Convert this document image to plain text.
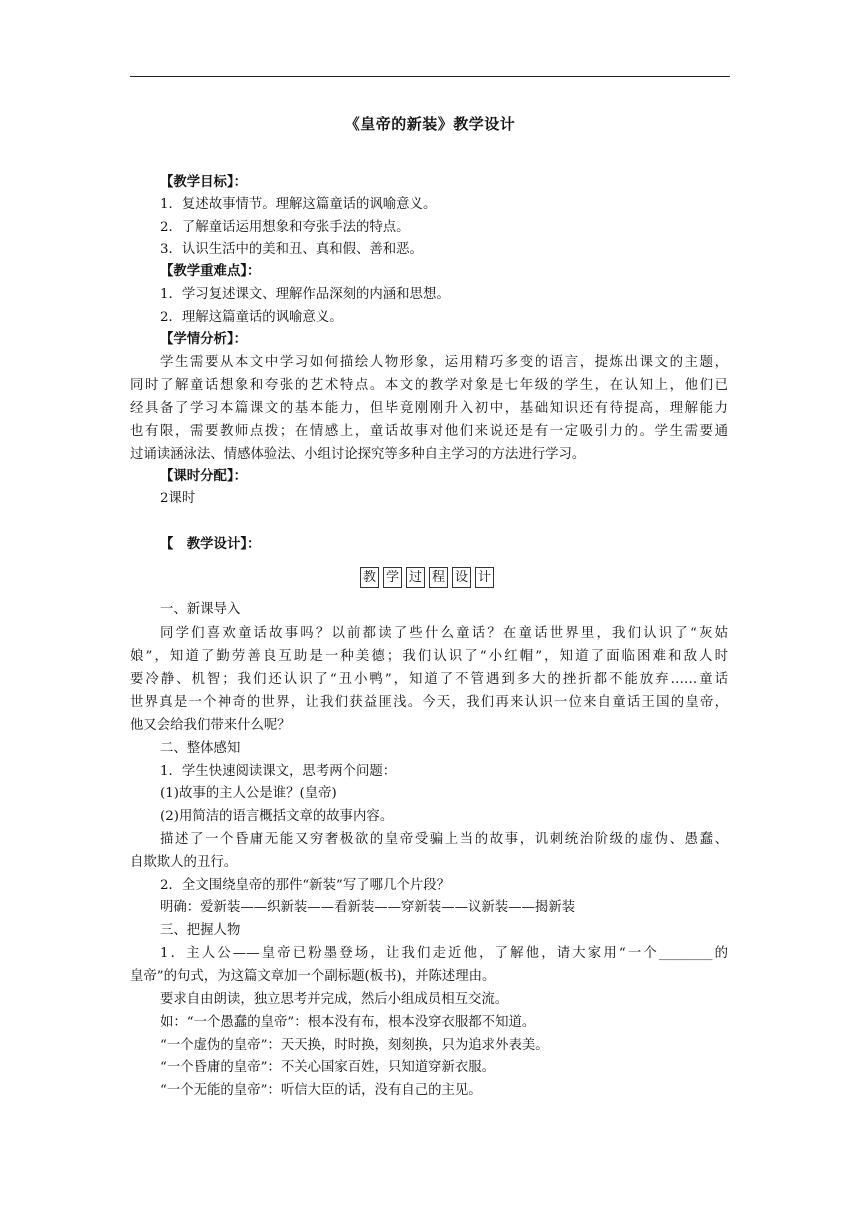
《皇帝的新装》教学设计
【教学目标】：
1．复述故事情节。理解这篇童话的讽喻意义。
2．了解童话运用想象和夸张手法的特点。
3．认识生活中的美和丑、真和假、善和恶。
【教学重难点】：
1．学习复述课文、理解作品深刻的内涵和思想。
2．理解这篇童话的讽喻意义。
【学情分析】：
学生需要从本文中学习如何描绘人物形象，运用精巧多变的语言，提炼出课文的主题，
同时了解童话想象和夸张的艺术特点。本文的教学对象是七年级的学生，在认知上，他们已
经具备了学习本篇课文的基本能力，但毕竟刚刚升入初中，基础知识还有待提高，理解能力
也有限，需要教师点拨；在情感上，童话故事对他们来说还是有一定吸引力的。学生需要通
过诵读涵泳法、情感体验法、小组讨论探究等多种自主学习的方法进行学习。
【课时分配】：
2课时
【　教学设计】：
教 学 过 程 设 计
一、新课导入
同学们喜欢童话故事吗？以前都读了些什么童话？在童话世界里，我们认识了“灰姑
娘”，知道了勤劳善良互助是一种美德；我们认识了“小红帽”，知道了面临困难和敌人时
要冷静、机智；我们还认识了“丑小鸭”，知道了不管遇到多大的挫折都不能放弃……童话
世界真是一个神奇的世界，让我们获益匪浅。今天，我们再来认识一位来自童话王国的皇帝，
他又会给我们带来什么呢？
二、整体感知
1．学生快速阅读课文，思考两个问题：
(1)故事的主人公是谁？(皇帝)
(2)用简洁的语言概括文章的故事内容。
描述了一个昏庸无能又穷奢极欲的皇帝受骗上当的故事，讥刺统治阶级的虚伪、愚蠢、
自欺欺人的丑行。
2．全文围绕皇帝的那件“新装”写了哪几个片段？
明确：爱新装——织新装——看新装——穿新装——议新装——揭新装
三、把握人物
1．主人公——皇帝已粉墨登场，让我们走近他，了解他，请大家用“一个________的
皇帝”的句式，为这篇文章加一个副标题(板书)，并陈述理由。
要求自由朗读，独立思考并完成，然后小组成员相互交流。
如：“一个愚蠢的皇帝”：根本没有布，根本没穿衣服都不知道。
“一个虚伪的皇帝”：天天换，时时换，刻刻换，只为追求外表美。
“一个昏庸的皇帝”：不关心国家百姓，只知道穿新衣服。
“一个无能的皇帝”：听信大臣的话，没有自己的主见。
